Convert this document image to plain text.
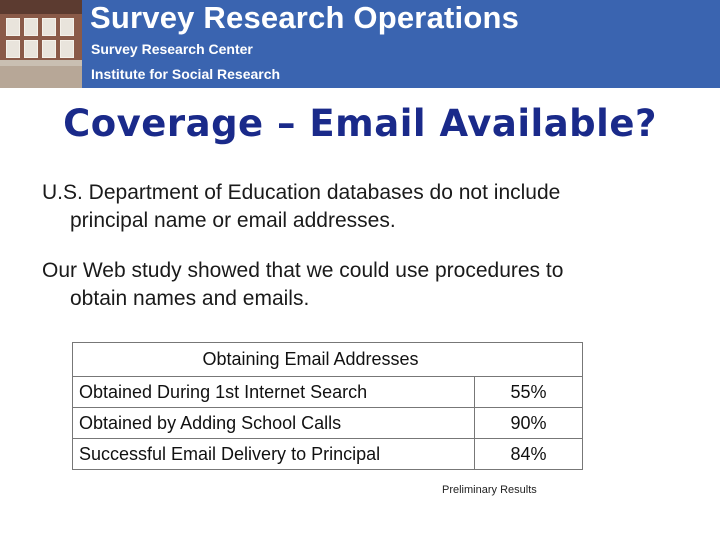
Survey Research Operations
Survey Research Center
Institute for Social Research
Coverage – Email Available?
U.S. Department of Education databases do not include
principal name or email addresses.
Our Web study showed that we could use procedures to
obtain names and emails.
Obtaining Email Addresses	
Obtained During 1st Internet Search	55%
Obtained by Adding School Calls	90%
Successful Email Delivery to Principal	84%
Preliminary Results
